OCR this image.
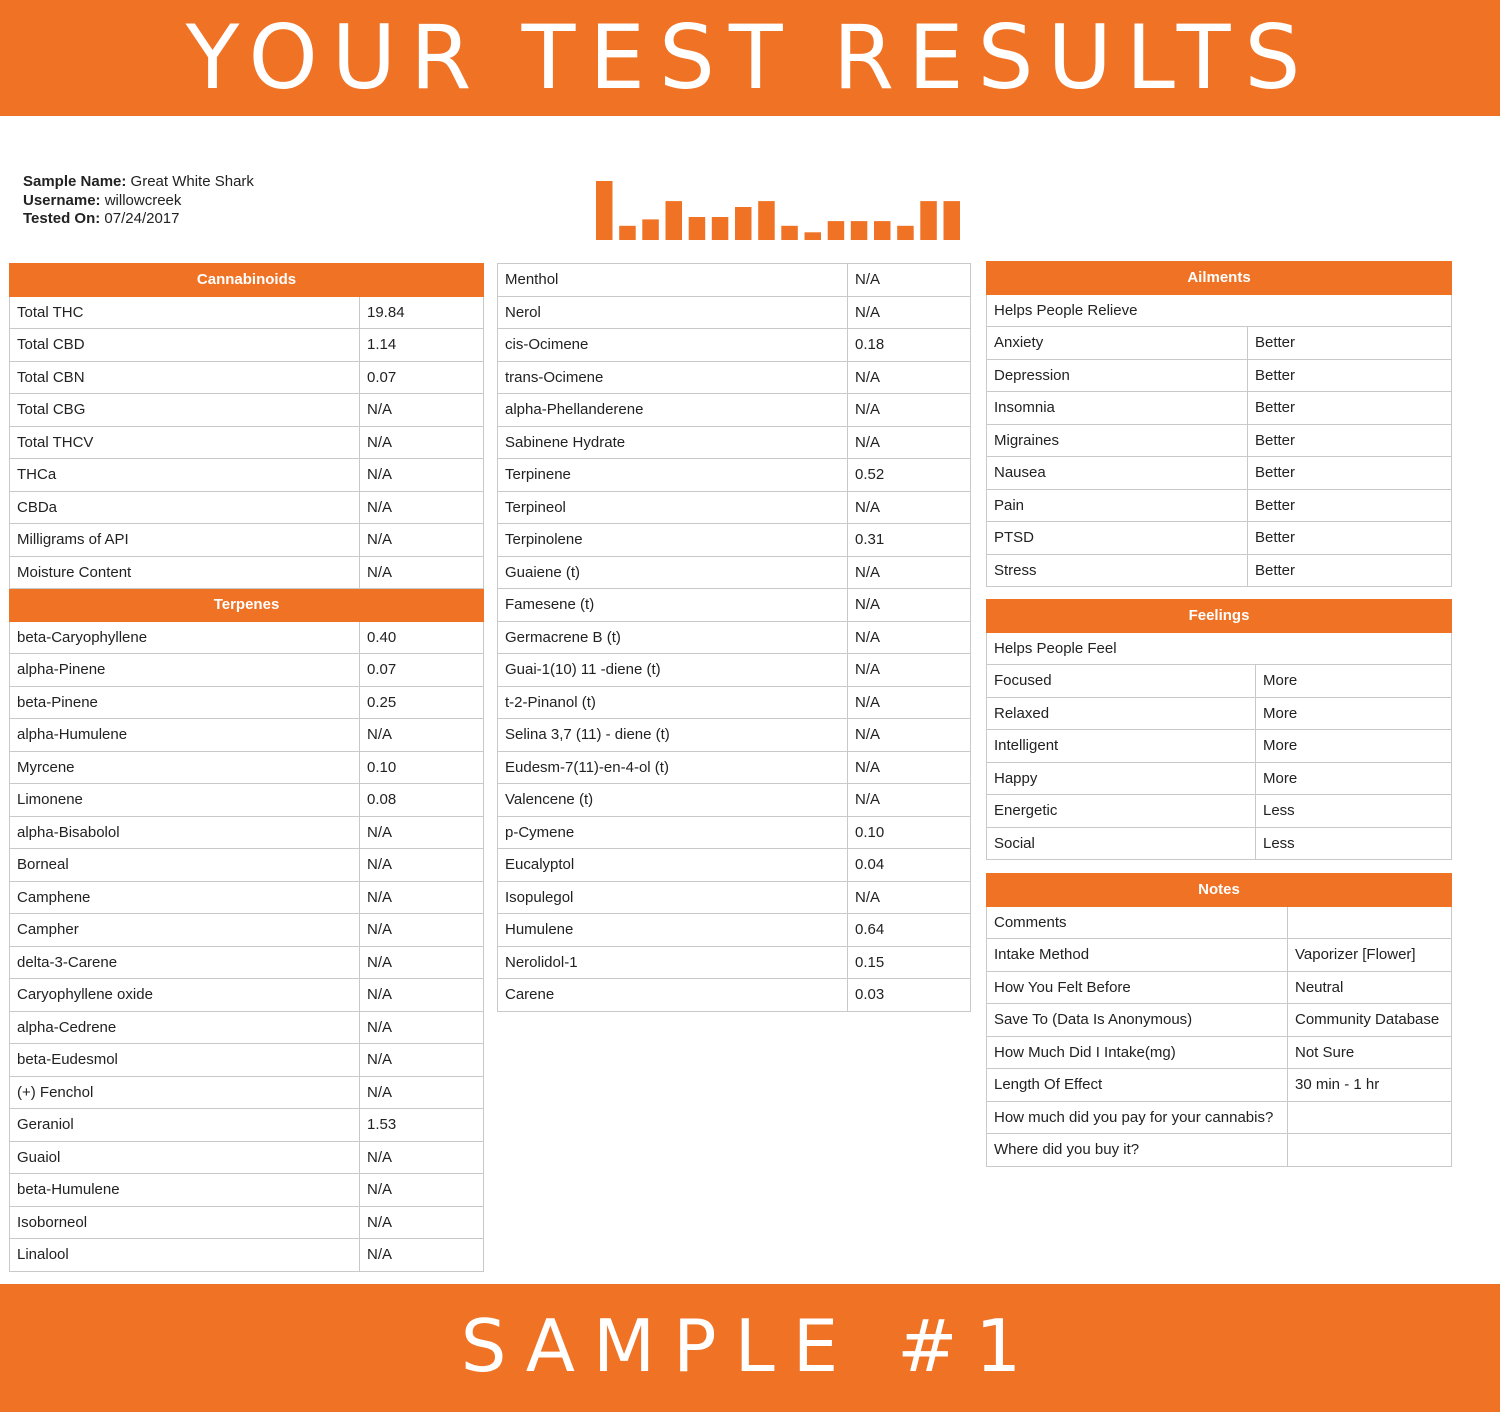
YOUR TEST RESULTS
Sample Name: Great White Shark
Username: willowcreek
Tested On: 07/24/2017
Cannabinoids	
Total THC	19.84
Total CBD	1.14
Total CBN	0.07
Total CBG	N/A
Total THCV	N/A
THCa	N/A
CBDa	N/A
Milligrams of API	N/A
Moisture Content	N/A
Terpenes	
beta-Caryophyllene	0.40
alpha-Pinene	0.07
beta-Pinene	0.25
alpha-Humulene	N/A
Myrcene	0.10
Limonene	0.08
alpha-Bisabolol	N/A
Borneal	N/A
Camphene	N/A
Campher	N/A
delta-3-Carene	N/A
Caryophyllene oxide	N/A
alpha-Cedrene	N/A
beta-Eudesmol	N/A
(+) Fenchol	N/A
Geraniol	1.53
Guaiol	N/A
beta-Humulene	N/A
Isoborneol	N/A
Linalool	N/A
Menthol	N/A
Nerol	N/A
cis-Ocimene	0.18
trans-Ocimene	N/A
alpha-Phellanderene	N/A
Sabinene Hydrate	N/A
Terpinene	0.52
Terpineol	N/A
Terpinolene	0.31
Guaiene (t)	N/A
Famesene (t)	N/A
Germacrene B (t)	N/A
Guai-1(10) 11 -diene (t)	N/A
t-2-Pinanol (t)	N/A
Selina 3,7 (11) - diene (t)	N/A
Eudesm-7(11)-en-4-ol (t)	N/A
Valencene (t)	N/A
p-Cymene	0.10
Eucalyptol	0.04
Isopulegol	N/A
Humulene	0.64
Nerolidol-1	0.15
Carene	0.03
Ailments	
Helps People Relieve	
Anxiety	Better
Depression	Better
Insomnia	Better
Migraines	Better
Nausea	Better
Pain	Better
PTSD	Better
Stress	Better
Feelings	
Helps People Feel	
Focused	More
Relaxed	More
Intelligent	More
Happy	More
Energetic	Less
Social	Less
Notes	
Comments	
Intake Method	Vaporizer [Flower]
How You Felt Before	Neutral
Save To (Data Is Anonymous)	Community Database
How Much Did I Intake(mg)	Not Sure
Length Of Effect	30 min - 1 hr
How much did you pay for your cannabis?	
Where did you buy it?	
SAMPLE #1
